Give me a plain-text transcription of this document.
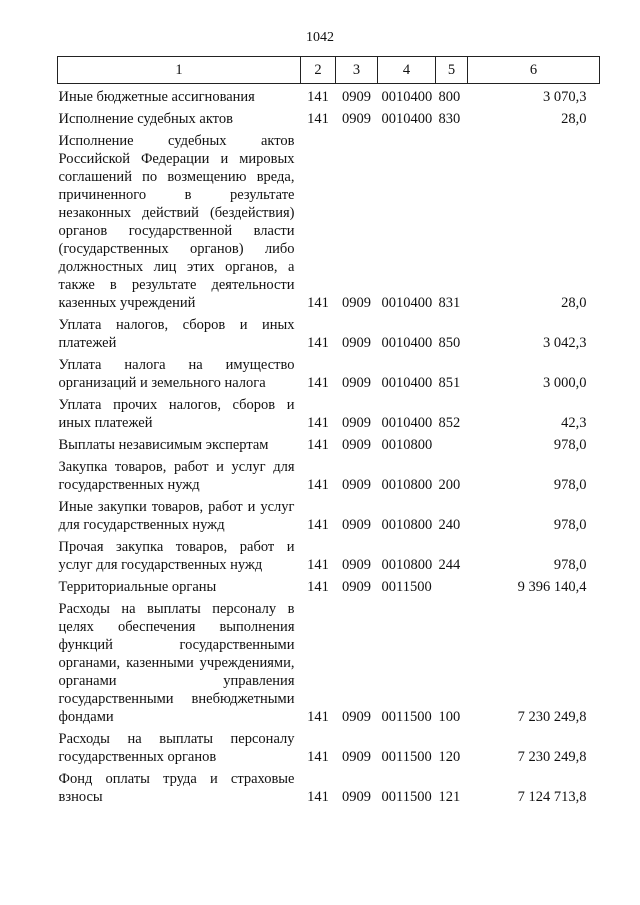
1042
1	2	3	4	5	6
Иные бюджетные ассигнования	141	0909	0010400	800	3 070,3
Исполнение судебных актов	141	0909	0010400	830	28,0
Исполнение судебных актов Российской Федерации и мировых соглашений по возмещению вреда, причиненного в результате незаконных действий (бездействия) органов государственной власти (государственных органов) либо должностных лиц этих органов, а также в результате деятельности казенных учреждений	141	0909	0010400	831	28,0
Уплата налогов, сборов и иных платежей	141	0909	0010400	850	3 042,3
Уплата налога на имущество организаций и земельного налога	141	0909	0010400	851	3 000,0
Уплата прочих налогов, сборов и иных платежей	141	0909	0010400	852	42,3
Выплаты независимым экспертам	141	0909	0010800		978,0
Закупка товаров, работ и услуг для государственных нужд	141	0909	0010800	200	978,0
Иные закупки товаров, работ и услуг для государственных нужд	141	0909	0010800	240	978,0
Прочая закупка товаров, работ и услуг для государственных нужд	141	0909	0010800	244	978,0
Территориальные органы	141	0909	0011500		9 396 140,4
Расходы на выплаты персоналу в целях обеспечения выполнения функций государственными органами, казенными учреждениями, органами управления государственными внебюджетными фондами	141	0909	0011500	100	7 230 249,8
Расходы на выплаты персоналу государственных органов	141	0909	0011500	120	7 230 249,8
Фонд оплаты труда и страховые взносы	141	0909	0011500	121	7 124 713,8
